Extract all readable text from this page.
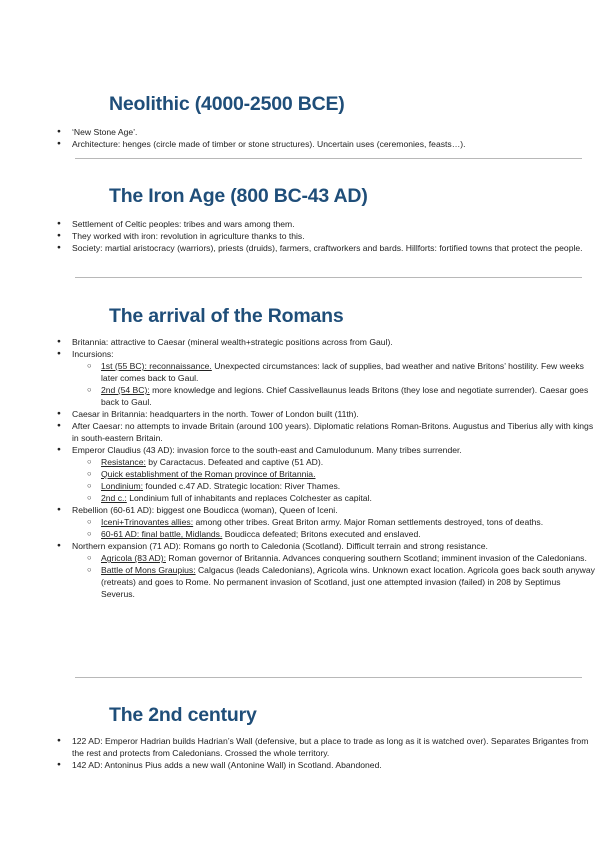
Neolithic (4000-2500 BCE)
● ‘New Stone Age’.
● Architecture: henges (circle made of timber or stone structures). Uncertain uses (ceremonies, feasts…).
The Iron Age (800 BC-43 AD)
● Settlement of Celtic peoples: tribes and wars among them.
● They worked with iron: revolution in agriculture thanks to this.
● Society: martial aristocracy (warriors), priests (druids), farmers, craftworkers and bards. Hillforts: fortified towns that protect the people.
The arrival of the Romans
● Britannia: attractive to Caesar (mineral wealth+strategic positions across from Gaul).
● Incursions:
○ 1st (55 BC): reconnaissance. Unexpected circumstances: lack of supplies, bad weather and native Britons’ hostility. Few weeks later comes back to Gaul.
○ 2nd (54 BC): more knowledge and legions. Chief Cassivellaunus leads Britons (they lose and negotiate surrender). Caesar goes back to Gaul.
● Caesar in Britannia: headquarters in the north. Tower of London built (11th).
● After Caesar: no attempts to invade Britain (around 100 years). Diplomatic relations Roman-Britons. Augustus and Tiberius ally with kings in south-eastern Britain.
● Emperor Claudius (43 AD): invasion force to the south-east and Camulodunum. Many tribes surrender.
○ Resistance: by Caractacus. Defeated and captive (51 AD).
○ Quick establishment of the Roman province of Britannia.
○ Londinium: founded c.47 AD. Strategic location: River Thames.
○ 2nd c.: Londinium full of inhabitants and replaces Colchester as capital.
● Rebellion (60-61 AD): biggest one Boudicca (woman), Queen of Iceni.
○ Iceni+Trinovantes allies: among other tribes. Great Briton army. Major Roman settlements destroyed, tons of deaths.
○ 60-61 AD: final battle, Midlands. Boudicca defeated; Britons executed and enslaved.
● Northern expansion (71 AD): Romans go north to Caledonia (Scotland). Difficult terrain and strong resistance.
○ Agricola (83 AD): Roman governor of Britannia. Advances conquering southern Scotland; imminent invasion of the Caledonians.
○ Battle of Mons Graupius: Calgacus (leads Caledonians), Agricola wins. Unknown exact location. Agricola goes back south anyway (retreats) and goes to Rome. No permanent invasion of Scotland, just one attempted invasion (failed) in 208 by Septimus Severus.
The 2nd century
● 122 AD: Emperor Hadrian builds Hadrian’s Wall (defensive, but a place to trade as long as it is watched over). Separates Brigantes from the rest and protects from Caledonians. Crossed the whole territory.
● 142 AD: Antoninus Pius adds a new wall (Antonine Wall) in Scotland. Abandoned.
